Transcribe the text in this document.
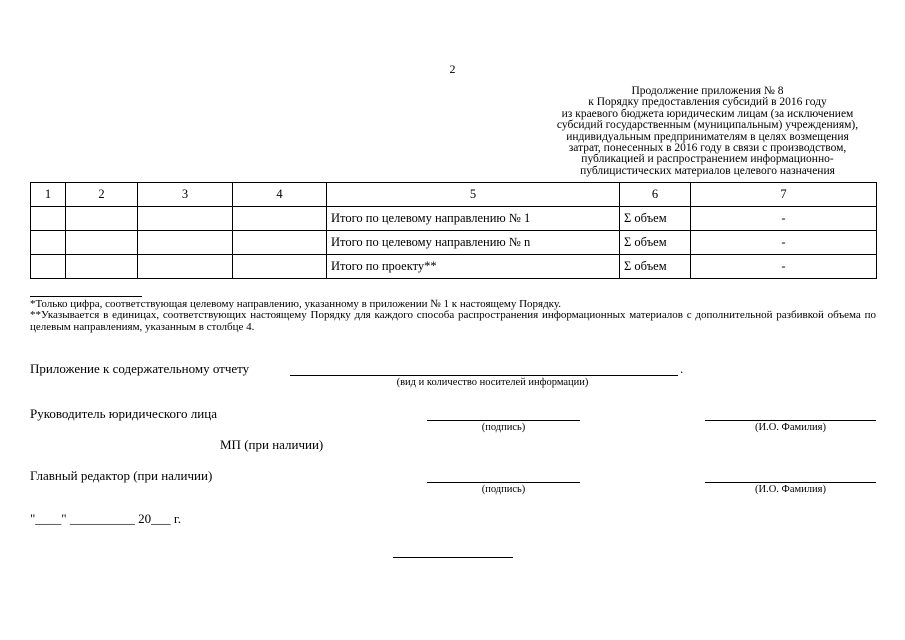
2
Продолжение приложения № 8
к Порядку предоставления субсидий в 2016 году
из краевого бюджета юридическим лицам (за исключением
субсидий государственным (муниципальным) учреждениям),
индивидуальным предпринимателям в целях возмещения
затрат, понесенных в 2016 году в связи с производством,
публикацией и распространением информационно-
публицистических материалов целевого назначения
1	2	3	4	5	6	7
				Итого по целевому направлению № 1	Σ объем	-
				Итого по целевому направлению № n	Σ объем	-
				Итого по проекту**	Σ объем	-

*Только цифра, соответствующая целевому направлению, указанному в приложении № 1 к настоящему Порядку.

**Указывается в единицах, соответствующих настоящему Порядку для каждого способа распространения информационных материалов с дополнительной разбивкой объема по целевым направлениям, указанным в столбце 4.

Приложение к содержательному отчету	.
(вид и количество носителей информации)
Руководитель юридического лица
(подпись)	(И.О. Фамилия)
МП (при наличии)
Главный редактор (при наличии)
(подпись)	(И.О. Фамилия)
"____" __________ 20___ г.
